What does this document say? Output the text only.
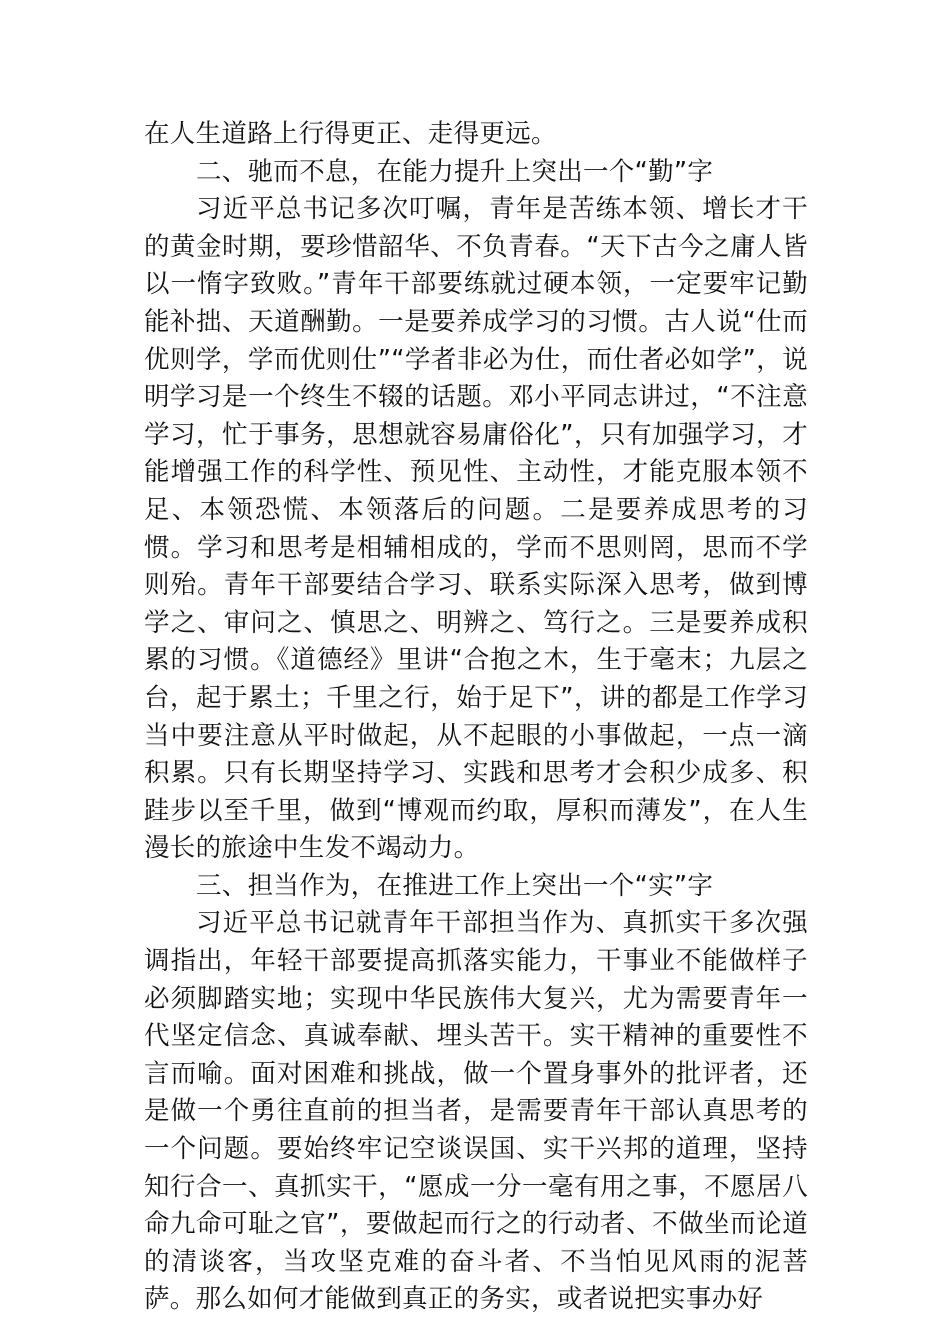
在人生道路上行得更正、走得更远。

二、驰而不息，在能力提升上突出一个“勤”字

习近平总书记多次叮嘱，青年是苦练本领、增长才干的黄金时期，要珍惜韶华、不负青春。“天下古今之庸人皆以一惰字致败。”青年干部要练就过硬本领，一定要牢记勤能补拙、天道酬勤。一是要养成学习的习惯。古人说“仕而优则学，学而优则仕”“学者非必为仕，而仕者必如学”，说明学习是一个终生不辍的话题。邓小平同志讲过，“不注意学习，忙于事务，思想就容易庸俗化”，只有加强学习，才能增强工作的科学性、预见性、主动性，才能克服本领不足、本领恐慌、本领落后的问题。二是要养成思考的习惯。学习和思考是相辅相成的，学而不思则罔，思而不学则殆。青年干部要结合学习、联系实际深入思考，做到博学之、审问之、慎思之、明辨之、笃行之。三是要养成积累的习惯。《道德经》里讲“合抱之木，生于毫末；九层之台，起于累土；千里之行，始于足下”，讲的都是工作学习当中要注意从平时做起，从不起眼的小事做起，一点一滴积累。只有长期坚持学习、实践和思考才会积少成多、积跬步以至千里，做到“博观而约取，厚积而薄发”，在人生漫长的旅途中生发不竭动力。

三、担当作为，在推进工作上突出一个“实”字

习近平总书记就青年干部担当作为、真抓实干多次强调指出，年轻干部要提高抓落实能力，干事业不能做样子必须脚踏实地；实现中华民族伟大复兴，尤为需要青年一代坚定信念、真诚奉献、埋头苦干。实干精神的重要性不言而喻。面对困难和挑战，做一个置身事外的批评者，还是做一个勇往直前的担当者，是需要青年干部认真思考的一个问题。要始终牢记空谈误国、实干兴邦的道理，坚持知行合一、真抓实干，“愿成一分一毫有用之事，不愿居八命九命可耻之官”，要做起而行之的行动者、不做坐而论道的清谈客，当攻坚克难的奋斗者、不当怕见风雨的泥菩萨。那么如何才能做到真正的务实，或者说把实事办好
